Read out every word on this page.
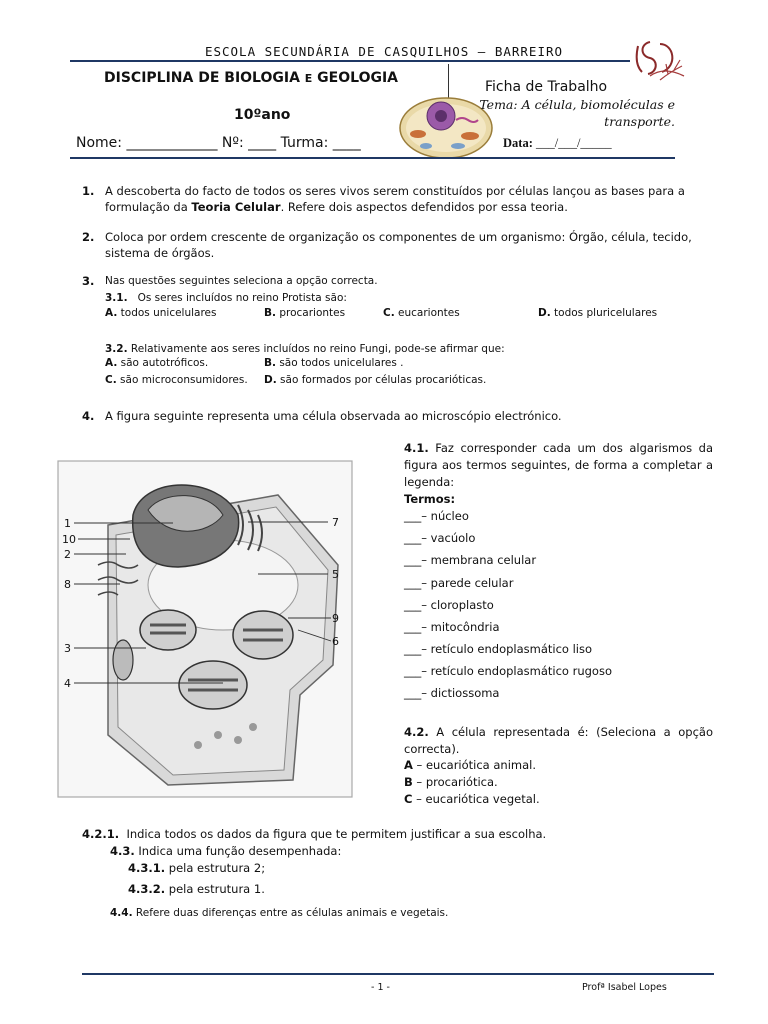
ESCOLA SECUNDÁRIA DE CASQUILHOS – BARREIRO
DISCIPLINA DE BIOLOGIA E GEOLOGIA
10ºano
Ficha de Trabalho
Tema: A célula, biomoléculas e
transporte.
Nome: _____________ Nº: ____ Turma: ____	Data: ___/___/_____
1. A descoberta do facto de todos os seres vivos serem constituídos por células lançou as bases para a formulação da Teoria Celular. Refere dois aspectos defendidos por essa teoria.
2. Coloca por ordem crescente de organização os componentes de um organismo: Órgão, célula, tecido, sistema de órgãos.
3. Nas questões seguintes seleciona a opção correcta.
3.1. Os seres incluídos no reino Protista são:
A. todos unicelulares	B. procariontes	C. eucariontes	D. todos pluricelulares
3.2. Relativamente aos seres incluídos no reino Fungi, pode-se afirmar que:
A. são autotróficos.	B. são todos unicelulares .
C. são microconsumidores. D. são formados por células procarióticas.
4. A figura seguinte representa uma célula observada ao microscópio electrónico.
1
10
2
8
3
4
7
5
9
6
4.1. Faz corresponder cada um dos algarismos da figura aos termos seguintes, de forma a completar a legenda:
Termos:
___– núcleo
___– vacúolo
___– membrana celular
___– parede celular
___– cloroplasto
___– mitocôndria
___– retículo endoplasmático liso
___– retículo endoplasmático rugoso
___– dictiossoma
4.2. A célula representada é: (Seleciona a opção correcta).
A – eucariótica animal.
B – procariótica.
C – eucariótica vegetal.
4.2.1. Indica todos os dados da figura que te permitem justificar a sua escolha.
4.3. Indica uma função desempenhada:
4.3.1. pela estrutura 2;
4.3.2. pela estrutura 1.
4.4. Refere duas diferenças entre as células animais e vegetais.
- 1 -	Profª Isabel Lopes
